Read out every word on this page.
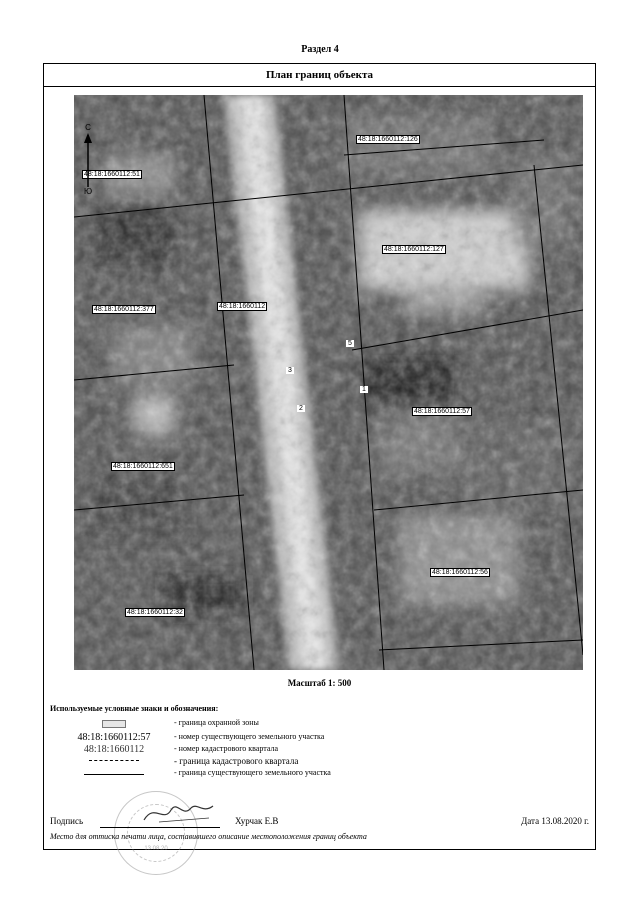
Раздел 4
План границ объекта
48:18:1660112:126
48:18:1660112:51
48:18:1660112:127
48:18:1660112:377	48:18:1660112
48:18:1660112:57
48:18:1660112:651
48:18:1660112:56
48:18:1660112:32
5
3
1
2
С
Ю
Масштаб 1: 500
Используемые условные знаки и обозначения:
- граница охранной зоны
48:18:1660112:57	- номер существующего земельного участка
48:18:1660112	- номер кадастрового квартала
- граница кадастрового квартала
- граница существующего земельного участка
13.08.20
Подпись	Хурчак Е.В	Дата 13.08.2020 г.
Место для оттиска печати лица, составившего описание местоположения границ объекта
